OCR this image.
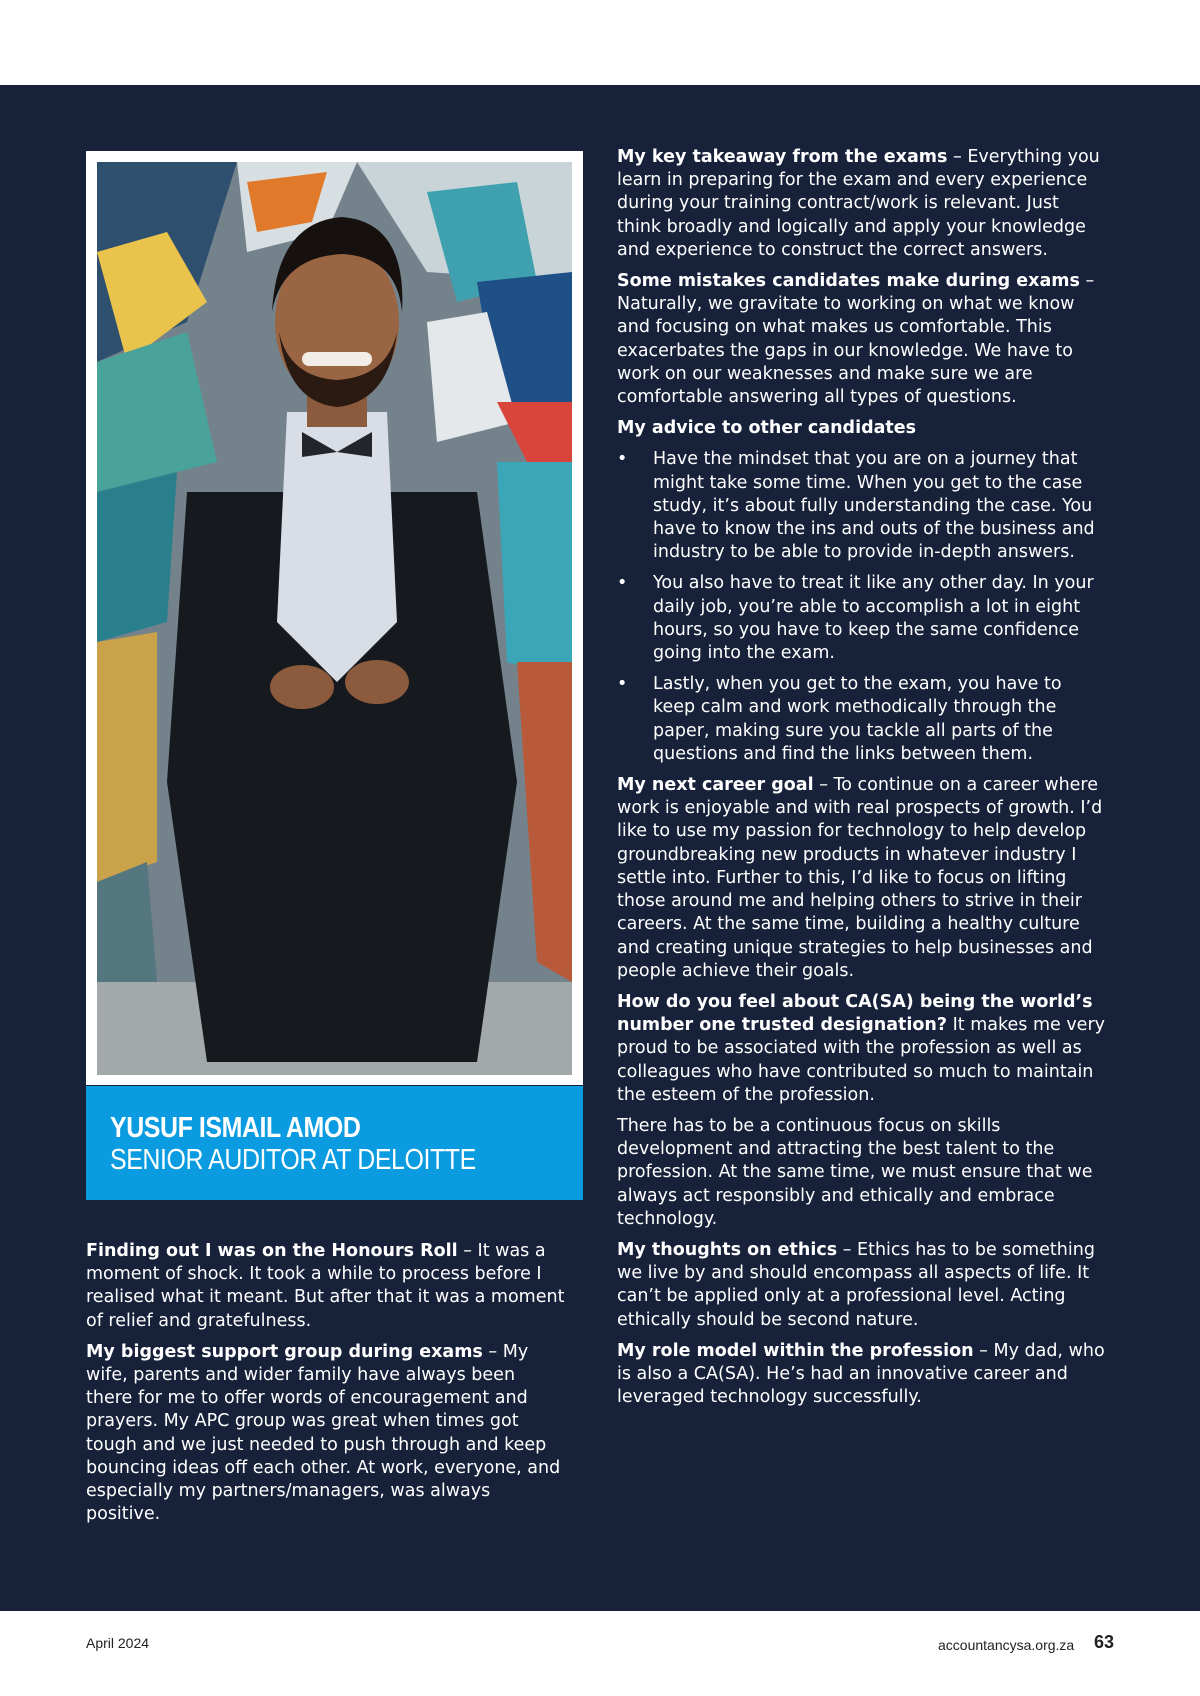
YUSUF ISMAIL AMOD
SENIOR AUDITOR AT DELOITTE

Finding out I was on the Honours Roll – It was a moment of shock. It took a while to process before I realised what it meant. But after that it was a moment of relief and gratefulness.

My biggest support group during exams – My wife, parents and wider family have always been there for me to offer words of encouragement and prayers. My APC group was great when times got tough and we just needed to push through and keep bouncing ideas off each other. At work, everyone, and especially my partners/managers, was always positive.

My key takeaway from the exams – Everything you learn in preparing for the exam and every experience during your training contract/work is relevant. Just think broadly and logically and apply your knowledge and experience to construct the correct answers.

Some mistakes candidates make during exams – Naturally, we gravitate to working on what we know and focusing on what makes us comfortable. This exacerbates the gaps in our knowledge. We have to work on our weaknesses and make sure we are comfortable answering all types of questions.

My advice to other candidates

• Have the mindset that you are on a journey that might take some time. When you get to the case study, it’s about fully understanding the case. You have to know the ins and outs of the business and industry to be able to provide in-depth answers.
• You also have to treat it like any other day. In your daily job, you’re able to accomplish a lot in eight hours, so you have to keep the same confidence going into the exam.
• Lastly, when you get to the exam, you have to keep calm and work methodically through the paper, making sure you tackle all parts of the questions and find the links between them.

My next career goal – To continue on a career where work is enjoyable and with real prospects of growth. I’d like to use my passion for technology to help develop groundbreaking new products in whatever industry I settle into. Further to this, I’d like to focus on lifting those around me and helping others to strive in their careers. At the same time, building a healthy culture and creating unique strategies to help businesses and people achieve their goals.

How do you feel about CA(SA) being the world’s number one trusted designation? It makes me very proud to be associated with the profession as well as colleagues who have contributed so much to maintain the esteem of the profession.

There has to be a continuous focus on skills development and attracting the best talent to the profession. At the same time, we must ensure that we always act responsibly and ethically and embrace technology.

My thoughts on ethics – Ethics has to be something we live by and should encompass all aspects of life. It can’t be applied only at a professional level. Acting ethically should be second nature.

My role model within the profession – My dad, who is also a CA(SA). He’s had an innovative career and leveraged technology successfully.

April 2024	accountancysa.org.za 63
